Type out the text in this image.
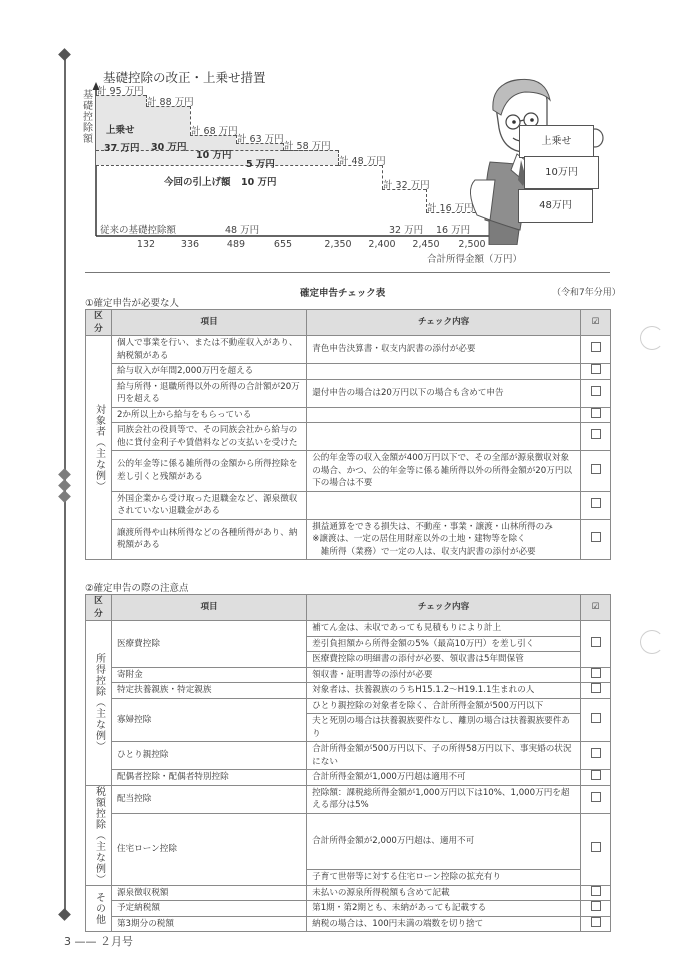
基礎控除の改正・上乗せ措置
基礎控除額
計 95 万円
計 88 万円
計 68 万円
計 63 万円
計 58 万円
計 48 万円
計 32 万円
計 16 万円
上乗せ
37 万円 30 万円
10 万円
5 万円
今回の引上げ額 10 万円
従来の基礎控除額	48 万円	32 万円 16 万円
132	336	489	655	2,350 2,400 2,450 2,500
合計所得金額（万円）
上乗せ
10万円
48万円
確定申告チェック表	（令和7年分用）
①確定申告が必要な人
②確定申告の際の注意点
区分	項目	チェック内容	☑

対象者（主な例）	個人で事業を行い、または不動産収入があり、納税額がある	青色申告決算書・収支内訳書の添付が必要	
	給与収入が年間2,000万円を超える		
	給与所得・退職所得以外の所得の合計額が20万円を超える	還付申告の場合は20万円以下の場合も含めて申告	
	2か所以上から給与をもらっている		
	同族会社の役員等で、その同族会社から給与の他に貸付金利子や賃借料などの支払いを受けた		
	公的年金等に係る雑所得の金額から所得控除を差し引くと残額がある	公的年金等の収入金額が400万円以下で、その全部が源泉徴収対象の場合、かつ、公的年金等に係る雑所得以外の所得金額が20万円以下の場合は不要	
	外国企業から受け取った退職金など、源泉徴収されていない退職金がある		
	譲渡所得や山林所得などの各種所得があり、納税額がある	損益通算をできる損失は、不動産・事業・譲渡・山林所得のみ
※譲渡は、一定の居住用財産以外の土地・建物等を除く
　雑所得（業務）で一定の人は、収支内訳書の添付が必要	
区分	項目	チェック内容	☑

所得控除（主な例）	医療費控除	補てん金は、未収であっても見積もりにより計上	
		差引負担額から所得金額の5%（最高10万円）を差し引く	
		医療費控除の明細書の添付が必要、領収書は5年間保管	
	寄附金	領収書・証明書等の添付が必要	
	特定扶養親族・特定親族	対象者は、扶養親族のうちH15.1.2〜H19.1.1生まれの人	
	寡婦控除	ひとり親控除の対象者を除く、合計所得金額が500万円以下	
		夫と死別の場合は扶養親族要件なし、離別の場合は扶養親族要件あり	
	ひとり親控除	合計所得金額が500万円以下、子の所得58万円以下、事実婚の状況にない	
	配偶者控除・配偶者特別控除	合計所得金額が1,000万円超は適用不可	

税額控除（主な例）	配当控除	控除額：課税総所得金額が1,000万円以下は10%、1,000万円を超える部分は5%	
	住宅ローン控除	合計所得金額が2,000万円超は、適用不可	
		子育て世帯等に対する住宅ローン控除の拡充有り	

その他	源泉徴収税額	未払いの源泉所得税額も含めて記載	
	予定納税額	第1期・第2期とも、未納があっても記載する	
	第3期分の税額	納税の場合は、100円未満の端数を切り捨て	
3 —— ２月号
